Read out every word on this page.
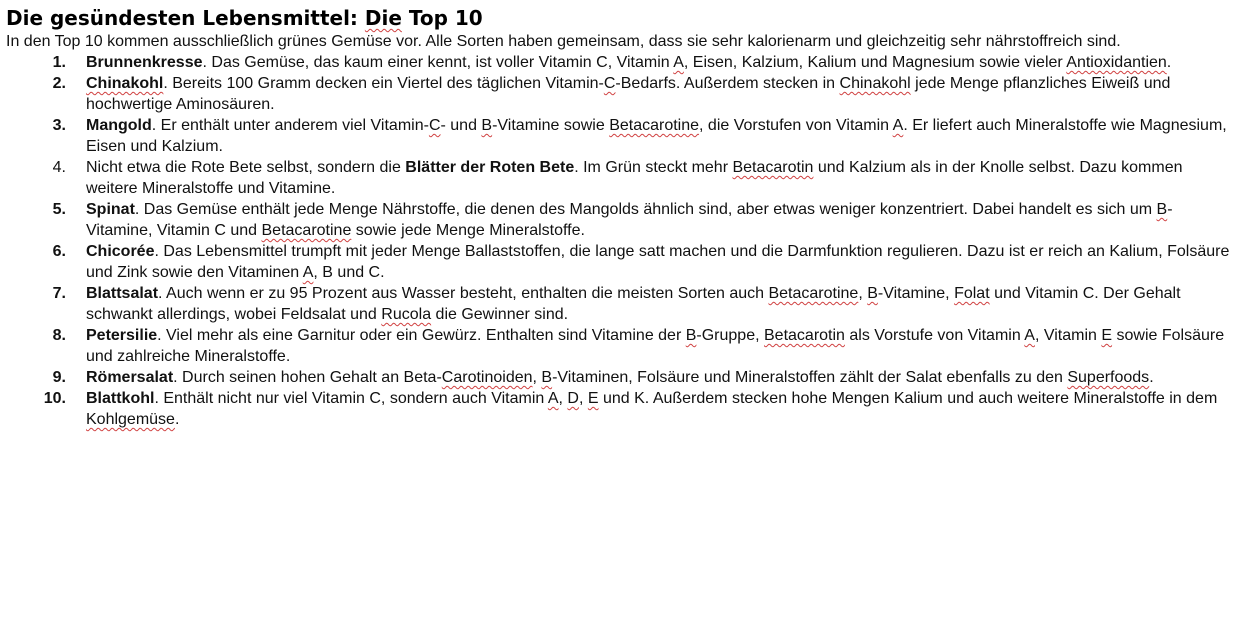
Die gesündesten Lebensmittel: Die Top 10

In den Top 10 kommen ausschließlich grünes Gemüse vor. Alle Sorten haben gemeinsam, dass sie sehr kalorienarm und gleichzeitig sehr nährstoffreich sind.

1. Brunnenkresse. Das Gemüse, das kaum einer kennt, ist voller Vitamin C, Vitamin A, Eisen, Kalzium, Kalium und Magnesium sowie vieler Antioxidantien.
2. Chinakohl. Bereits 100 Gramm decken ein Viertel des täglichen Vitamin-C-Bedarfs. Außerdem stecken in Chinakohl jede Menge pflanzliches Eiweiß und hochwertige Aminosäuren.
3. Mangold. Er enthält unter anderem viel Vitamin-C- und B-Vitamine sowie Betacarotine, die Vorstufen von Vitamin A. Er liefert auch Mineralstoffe wie Magnesium, Eisen und Kalzium.
4. Nicht etwa die Rote Bete selbst, sondern die Blätter der Roten Bete. Im Grün steckt mehr Betacarotin und Kalzium als in der Knolle selbst. Dazu kommen weitere Mineralstoffe und Vitamine.
5. Spinat. Das Gemüse enthält jede Menge Nährstoffe, die denen des Mangolds ähnlich sind, aber etwas weniger konzentriert. Dabei handelt es sich um B-Vitamine, Vitamin C und Betacarotine sowie jede Menge Mineralstoffe.
6. Chicorée. Das Lebensmittel trumpft mit jeder Menge Ballaststoffen, die lange satt machen und die Darmfunktion regulieren. Dazu ist er reich an Kalium, Folsäure und Zink sowie den Vitaminen A, B und C.
7. Blattsalat. Auch wenn er zu 95 Prozent aus Wasser besteht, enthalten die meisten Sorten auch Betacarotine, B-Vitamine, Folat und Vitamin C. Der Gehalt schwankt allerdings, wobei Feldsalat und Rucola die Gewinner sind.
8. Petersilie. Viel mehr als eine Garnitur oder ein Gewürz. Enthalten sind Vitamine der B-Gruppe, Betacarotin als Vorstufe von Vitamin A, Vitamin E sowie Folsäure und zahlreiche Mineralstoffe.
9. Römersalat. Durch seinen hohen Gehalt an Beta-Carotinoiden, B-Vitaminen, Folsäure und Mineralstoffen zählt der Salat ebenfalls zu den Superfoods.
10. Blattkohl. Enthält nicht nur viel Vitamin C, sondern auch Vitamin A, D, E und K. Außerdem stecken hohe Mengen Kalium und auch weitere Mineralstoffe in dem Kohlgemüse.
